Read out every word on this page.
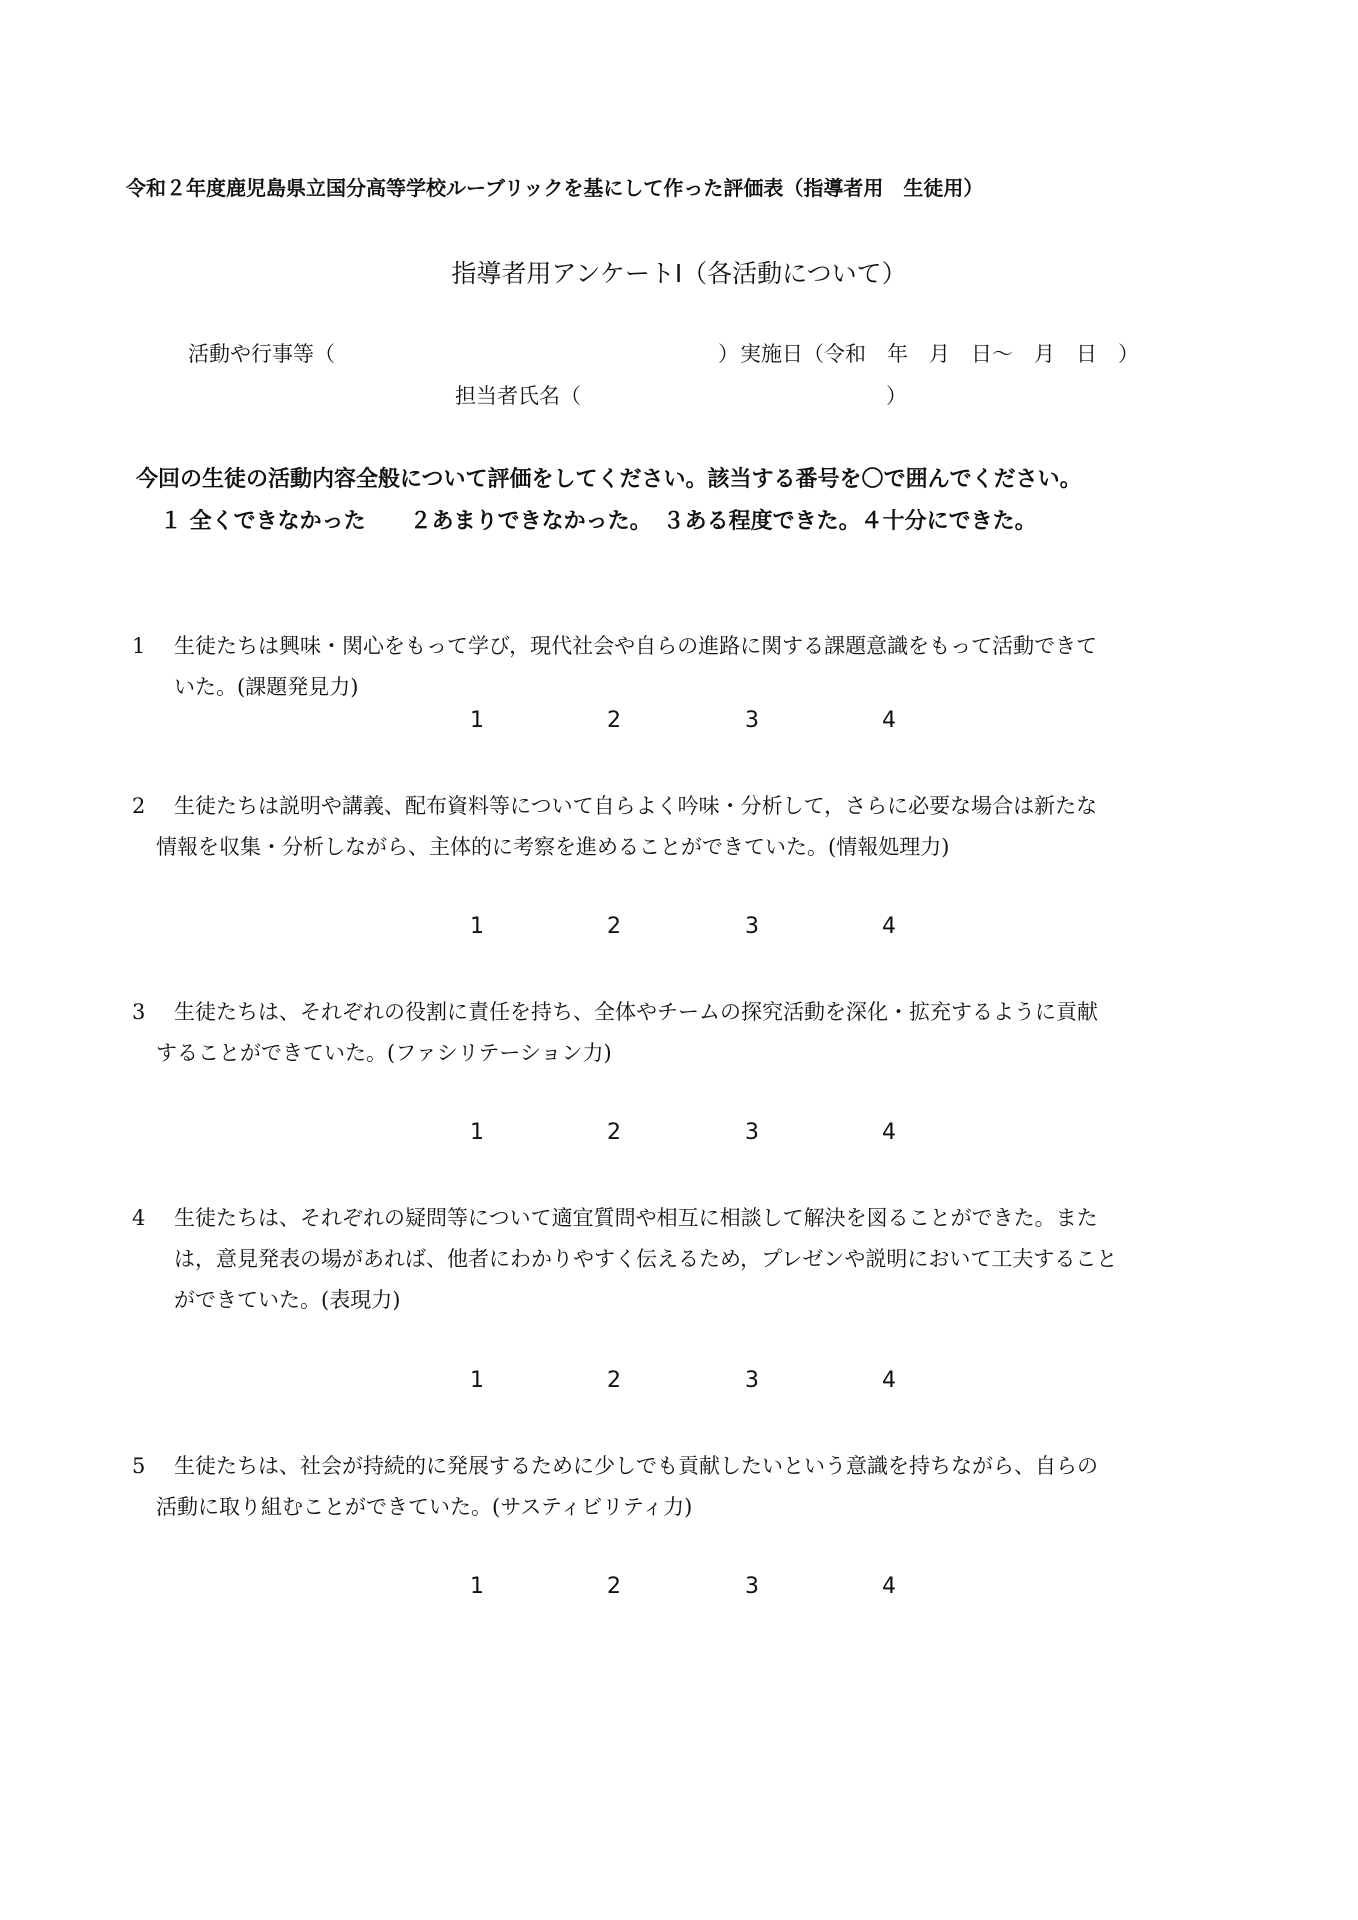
令和２年度鹿児島県立国分高等学校ルーブリックを基にして作った評価表（指導者用　生徒用）
指導者用アンケートⅠ（各活動について）
活動や行事等（	） 実施日（令和　年　月　日～　月　日　）
担当者氏名（	）
今回の生徒の活動内容全般について評価をしてください。該当する番号を〇で囲んでください。
１ 全くできなかった　　２あまりできなかった。　３ある程度できた。４十分にできた。
1	生徒たちは興味・関心をもって学び，現代社会や自らの進路に関する課題意識をもって活動できて
いた。(課題発見力)
1	2	3	4
2	生徒たちは説明や講義、配布資料等について自らよく吟味・分析して，さらに必要な場合は新たな
情報を収集・分析しながら、主体的に考察を進めることができていた。(情報処理力)
1	2	3	4
3	生徒たちは、それぞれの役割に責任を持ち、全体やチームの探究活動を深化・拡充するように貢献
することができていた。(ファシリテーション力)
1	2	3	4
4	生徒たちは、それぞれの疑問等について適宜質問や相互に相談して解決を図ることができた。また
は，意見発表の場があれば、他者にわかりやすく伝えるため，プレゼンや説明において工夫すること
ができていた。(表現力)
1	2	3	4
5	生徒たちは、社会が持続的に発展するために少しでも貢献したいという意識を持ちながら、自らの
活動に取り組むことができていた。(サスティビリティ力)
1	2	3	4
